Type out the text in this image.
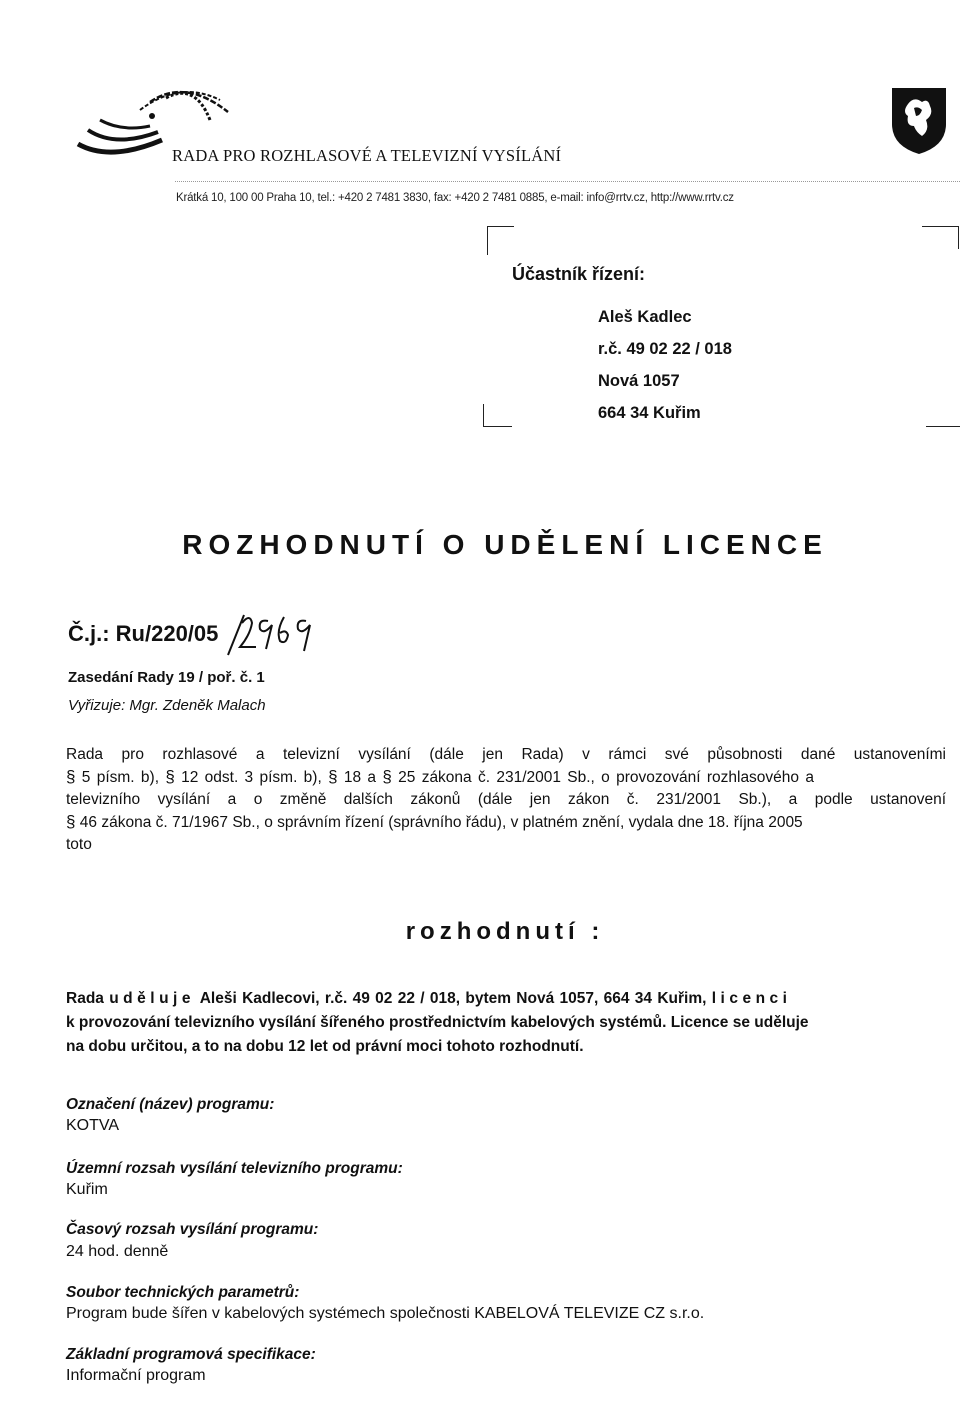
RADA PRO ROZHLASOVÉ A TELEVIZNÍ VYSÍLÁNÍ
Krátká 10, 100 00 Praha 10, tel.: +420 2 7481 3830, fax: +420 2 7481 0885, e-mail: info@rrtv.cz, http://www.rrtv.cz
Účastník řízení:
Aleš Kadlec
r.č. 49 02 22 / 018
Nová 1057
664 34 Kuřim
ROZHODNUTÍ O UDĚLENÍ LICENCE
Č.j.: Ru/220/05
Zasedání Rady 19 / poř. č. 1
Vyřizuje: Mgr. Zdeněk Malach
Rada pro rozhlasové a televizní vysílání (dále jen Rada) v rámci své působnosti dané ustanoveními
§ 5 písm. b), § 12 odst. 3 písm. b), § 18 a § 25 zákona č. 231/2001 Sb., o provozování rozhlasového a
televizního vysílání a o změně dalších zákonů (dále jen zákon č. 231/2001 Sb.), a podle ustanovení
§ 46 zákona č. 71/1967 Sb., o správním řízení (správního řádu), v platném znění, vydala dne 18. října 2005
toto
rozhodnutí :
Rada uděluje Aleši Kadlecovi, r.č. 49 02 22 / 018, bytem Nová 1057, 664 34 Kuřim, licenci
k provozování televizního vysílání šířeného prostřednictvím kabelových systémů. Licence se uděluje
na dobu určitou, a to na dobu 12 let od právní moci tohoto rozhodnutí.
Označení (název) programu:
KOTVA
Územní rozsah vysílání televizního programu:
Kuřim
Časový rozsah vysílání programu:
24 hod. denně
Soubor technických parametrů:
Program bude šířen v kabelových systémech společnosti KABELOVÁ TELEVIZE CZ s.r.o.
Základní programová specifikace:
Informační program
